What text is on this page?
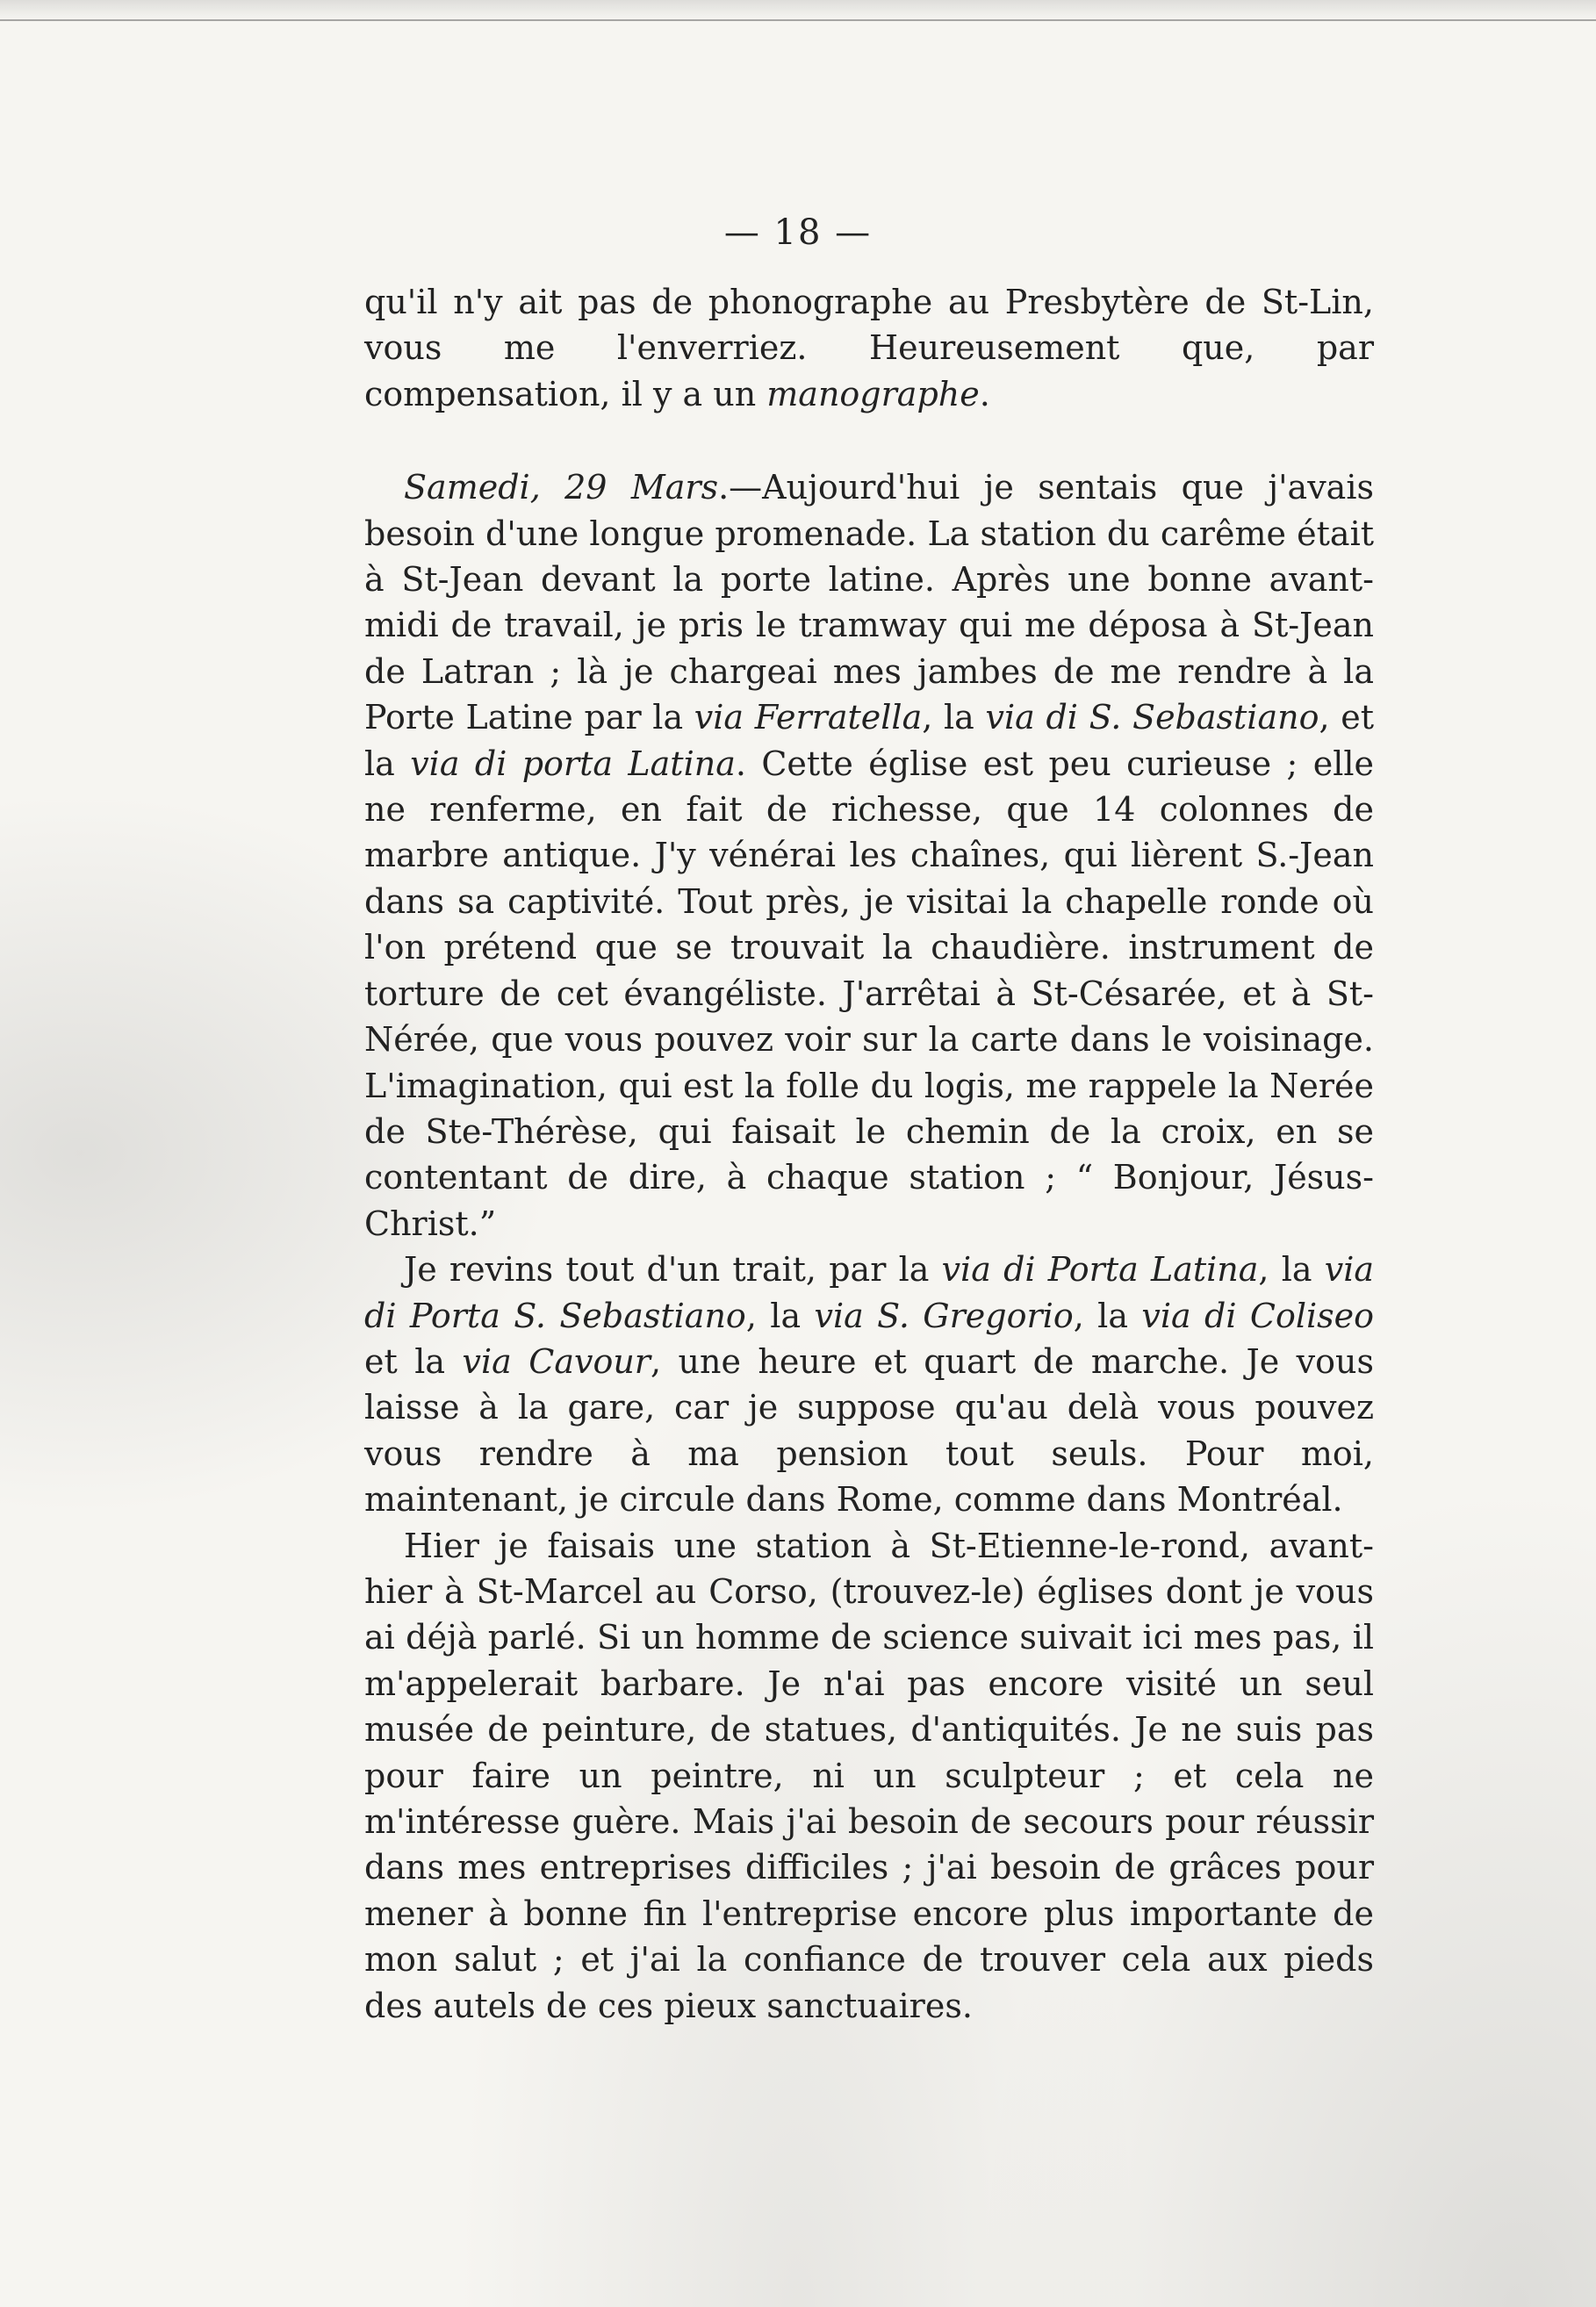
— 18 —

qu'il n'y ait pas de phonographe au Presbytère de St-Lin, vous me l'enverriez. Heureusement que, par compensation, il y a un manographe.

Samedi, 29 Mars.—Aujourd'hui je sentais que j'avais besoin d'une longue promenade. La station du carême était à St-Jean devant la porte latine. Après une bonne avant-midi de travail, je pris le tramway qui me déposa à St-Jean de Latran ; là je chargeai mes jambes de me rendre à la Porte Latine par la via Ferratella, la via di S. Sebastiano, et la via di porta Latina. Cette église est peu curieuse ; elle ne renferme, en fait de richesse, que 14 colonnes de marbre antique. J'y vénérai les chaînes, qui lièrent S.-Jean dans sa captivité. Tout près, je visitai la chapelle ronde où l'on prétend que se trouvait la chaudière. instrument de torture de cet évangéliste. J'arrêtai à St-Césarée, et à St-Nérée, que vous pouvez voir sur la carte dans le voisinage. L'imagination, qui est la folle du logis, me rappele la Nerée de Ste-Thérèse, qui faisait le chemin de la croix, en se contentant de dire, à chaque station ; “ Bonjour, Jésus-Christ.”

Je revins tout d'un trait, par la via di Porta Latina, la via di Porta S. Sebastiano, la via S. Gregorio, la via di Coliseo et la via Cavour, une heure et quart de marche. Je vous laisse à la gare, car je suppose qu'au delà vous pouvez vous rendre à ma pension tout seuls. Pour moi, maintenant, je circule dans Rome, comme dans Montréal.

Hier je faisais une station à St-Etienne-le-rond, avant-hier à St-Marcel au Corso, (trouvez-le) églises dont je vous ai déjà parlé. Si un homme de science suivait ici mes pas, il m'appelerait barbare. Je n'ai pas encore visité un seul musée de peinture, de statues, d'antiquités. Je ne suis pas pour faire un peintre, ni un sculpteur ; et cela ne m'intéresse guère. Mais j'ai besoin de secours pour réussir dans mes entreprises difficiles ; j'ai besoin de grâces pour mener à bonne fin l'entreprise encore plus importante de mon salut ; et j'ai la confiance de trouver cela aux pieds des autels de ces pieux sanctuaires.
